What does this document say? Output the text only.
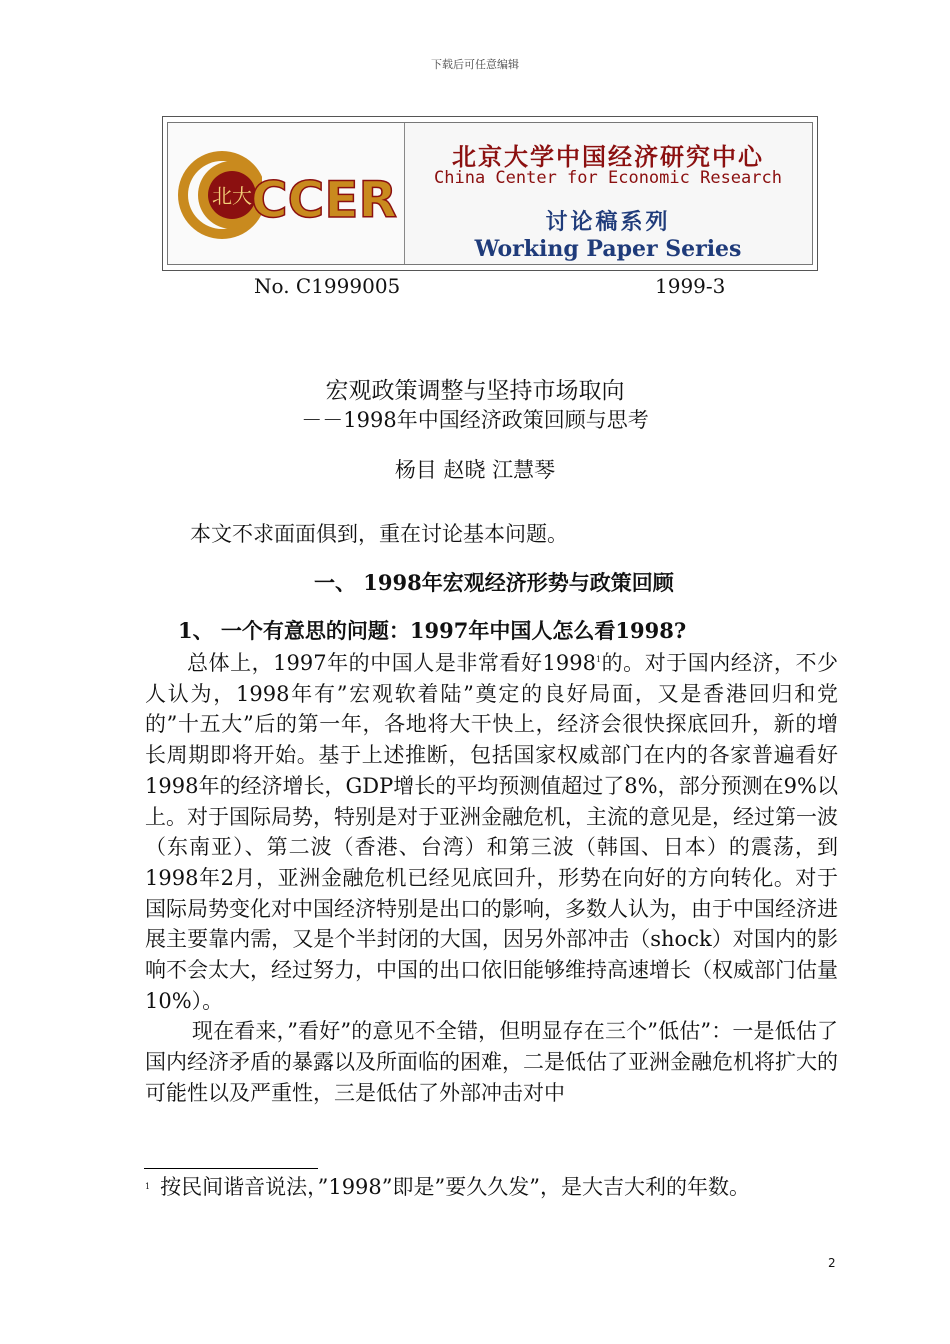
下载后可任意编辑
北大
CCER
北京大学中国经济研究中心
China Center for Economic Research
讨论稿系列
Working Paper Series
No. C1999005	1999-3
宏观政策调整与坚持市场取向
－－1998年中国经济政策回顾与思考
杨目 赵晓 江慧琴
本文不求面面俱到，重在讨论基本问题。
一、 1998年宏观经济形势与政策回顾
1、 一个有意思的问题：1997年中国人怎么看1998?

总体上，1997年的中国人是非常看好1998$^1$的。对于国内经济，不少人认为，1998年有”宏观软着陆”奠定的良好局面，又是香港回归和党的”十五大”后的第一年，各地将大干快上，经济会很快探底回升，新的增长周期即将开始。基于上述推断，包括国家权威部门在内的各家普遍看好1998年的经济增长，GDP增长的平均预测值超过了8%，部分预测在9%以上。对于国际局势，特别是对于亚洲金融危机，主流的意见是，经过第一波（东南亚）、第二波（香港、台湾）和第三波（韩国、日本）的震荡，到1998年2月，亚洲金融危机已经见底回升，形势在向好的方向转化。对于国际局势变化对中国经济特别是出口的影响，多数人认为，由于中国经济进展主要靠内需，又是个半封闭的大国，因另外部冲击（shock）对国内的影响不会太大，经过努力，中国的出口依旧能够维持高速增长（权威部门估量10%）。

现在看来，”看好”的意见不全错，但明显存在三个”低估”：一是低估了国内经济矛盾的暴露以及所面临的困难，二是低估了亚洲金融危机将扩大的可能性以及严重性，三是低估了外部冲击对中

$^1$ 按民间谐音说法，”1998”即是”要久久发”，是大吉大利的年数。
2
